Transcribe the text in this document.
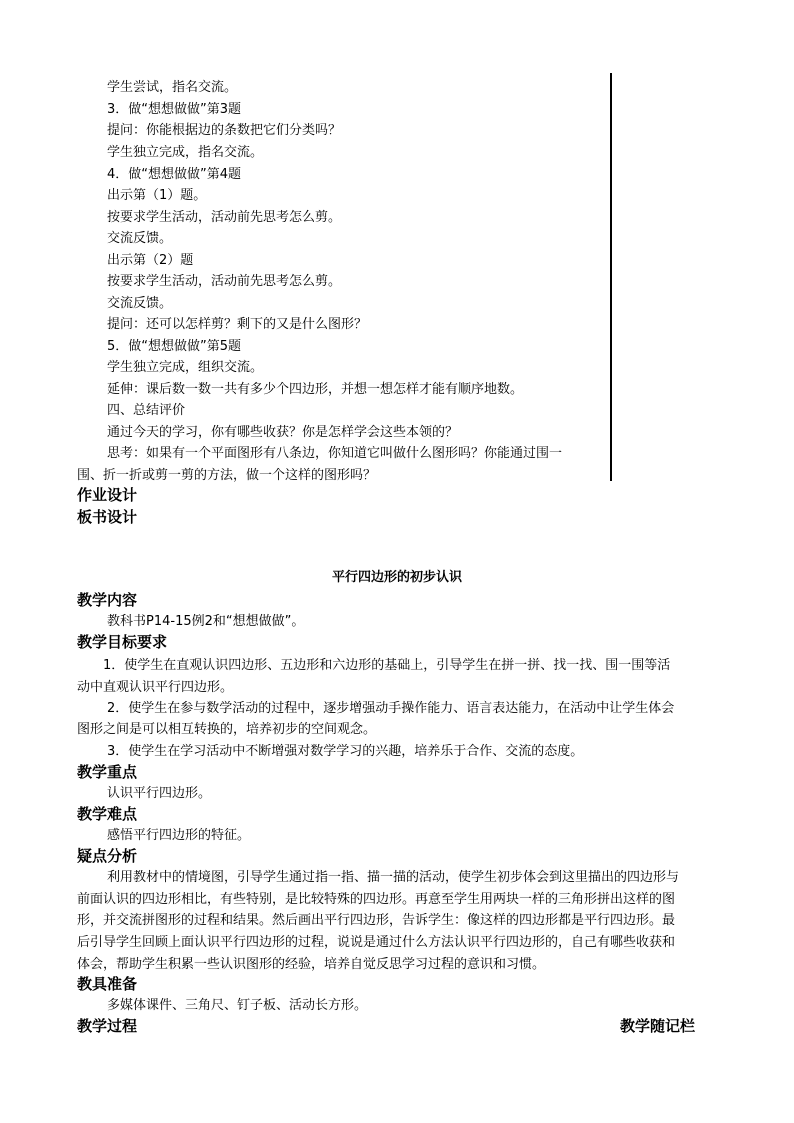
学生尝试，指名交流。
3．做“想想做做”第3题
提问：你能根据边的条数把它们分类吗？
学生独立完成，指名交流。
4．做“想想做做”第4题
出示第（1）题。
按要求学生活动，活动前先思考怎么剪。
交流反馈。
出示第（2）题
按要求学生活动，活动前先思考怎么剪。
交流反馈。
提问：还可以怎样剪？剩下的又是什么图形？
5．做“想想做做”第5题
学生独立完成，组织交流。
延伸：课后数一数一共有多少个四边形，并想一想怎样才能有顺序地数。
四、总结评价
通过今天的学习，你有哪些收获？你是怎样学会这些本领的？
思考：如果有一个平面图形有八条边，你知道它叫做什么图形吗？你能通过围一
围、折一折或剪一剪的方法，做一个这样的图形吗？
作业设计
板书设计
平行四边形的初步认识
教学内容
教科书P14-15例2和“想想做做”。
教学目标要求
1．使学生在直观认识四边形、五边形和六边形的基础上，引导学生在拼一拼、找一找、围一围等活
动中直观认识平行四边形。
2．使学生在参与数学活动的过程中，逐步增强动手操作能力、语言表达能力，在活动中让学生体会
图形之间是可以相互转换的，培养初步的空间观念。
3．使学生在学习活动中不断增强对数学学习的兴趣，培养乐于合作、交流的态度。
教学重点
认识平行四边形。
教学难点
感悟平行四边形的特征。
疑点分析
利用教材中的情境图，引导学生通过指一指、描一描的活动，使学生初步体会到这里描出的四边形与
前面认识的四边形相比，有些特别，是比较特殊的四边形。再意至学生用两块一样的三角形拼出这样的图
形，并交流拼图形的过程和结果。然后画出平行四边形，告诉学生：像这样的四边形都是平行四边形。最
后引导学生回顾上面认识平行四边形的过程，说说是通过什么方法认识平行四边形的，自己有哪些收获和
体会，帮助学生积累一些认识图形的经验，培养自觉反思学习过程的意识和习惯。
教具准备
多媒体课件、三角尺、钉子板、活动长方形。
教学过程	教学随记栏
